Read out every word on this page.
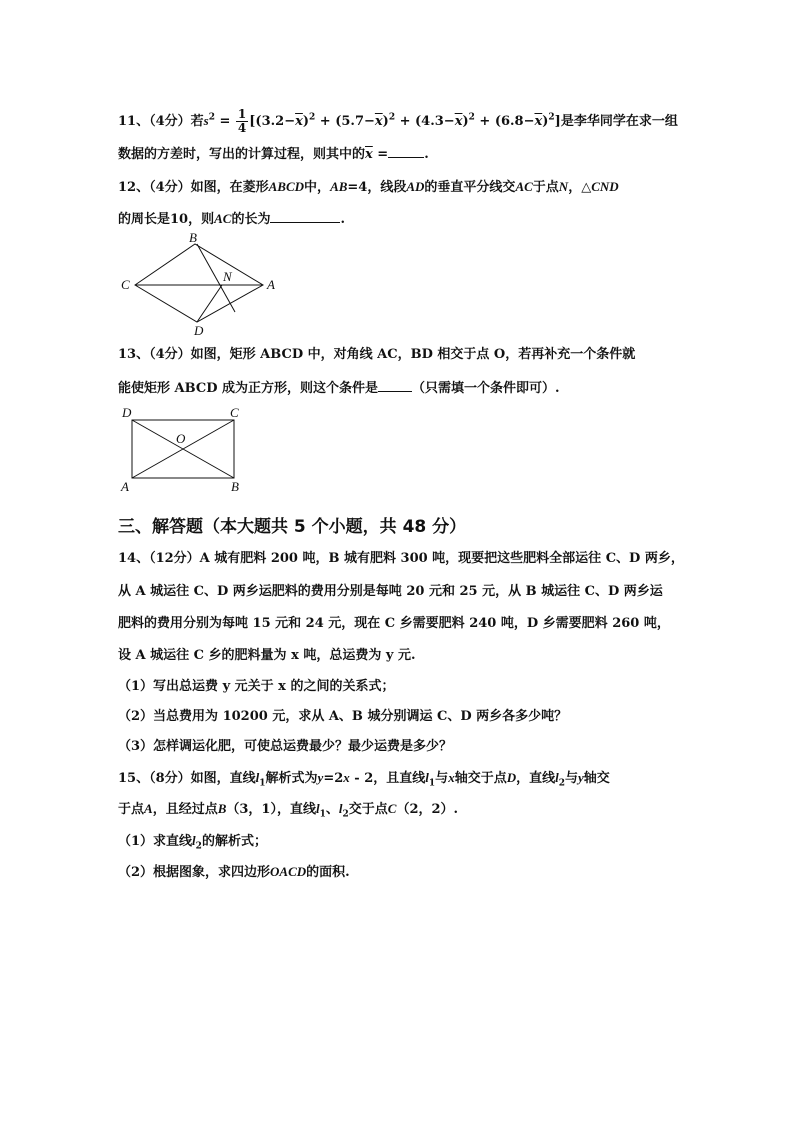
11、（4分）若$s^2 = \frac{1}{4} [(3.2-\overline{x})^2 + (5.7-\overline{x})^2 + (4.3-\overline{x})^2 + (6.8-\overline{x})^2]$是李华同学在求一组
数据的方差时，写出的计算过程，则其中的$\overline{x}$ =	.
12、（4分）如图，在菱形ABCD中，AB=4，线段AD的垂直平分线交AC于点N，△CND
的周长是10，则AC的长为	.
B
C
N
A
D
13、（4分）如图，矩形 ABCD 中，对角线 AC，BD 相交于点 O，若再补充一个条件就
能使矩形 ABCD 成为正方形，则这个条件是	（只需填一个条件即可）.
D	C
O
A	B
三、解答题（本大题共 5 个小题，共 48 分）
14、（12分）A 城有肥料 200 吨，B 城有肥料 300 吨，现要把这些肥料全部运往 C、D 两乡，
从 A 城运往 C、D 两乡运肥料的费用分别是每吨 20 元和 25 元，从 B 城运往 C、D 两乡运
肥料的费用分别为每吨 15 元和 24 元，现在 C 乡需要肥料 240 吨，D 乡需要肥料 260 吨，
设 A 城运往 C 乡的肥料量为 x 吨，总运费为 y 元.
（1）写出总运费 y 元关于 x 的之间的关系式；
（2）当总费用为 10200 元，求从 A、B 城分别调运 C、D 两乡各多少吨？
（3）怎样调运化肥，可使总运费最少？最少运费是多少？
15、（8分）如图，直线$l_1$解析式为y=2x - 2，且直线$l_1$与x轴交于点D，直线$l_2$与y轴交
于点A，且经过点B（3，1），直线$l_1$、$l_2$交于点C（2，2）.
（1）求直线$l_2$的解析式；
（2）根据图象，求四边形OACD的面积.
